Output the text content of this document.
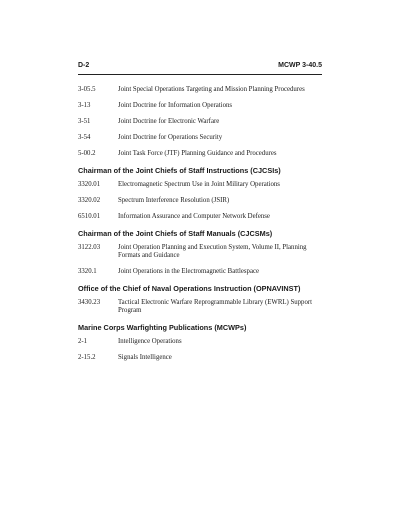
D-2	MCWP 3-40.5
3-05.5	Joint Special Operations Targeting and Mission Planning Procedures
3-13	Joint Doctrine for Information Operations
3-51	Joint Doctrine for Electronic Warfare
3-54	Joint Doctrine for Operations Security
5-00.2	Joint Task Force (JTF) Planning Guidance and Procedures
Chairman of the Joint Chiefs of Staff Instructions (CJCSIs)
3320.01	Electromagnetic Spectrum Use in Joint Military Operations
3320.02	Spectrum Interference Resolution (JSIR)
6510.01	Information Assurance and Computer Network Defense
Chairman of the Joint Chiefs of Staff Manuals (CJCSMs)
3122.03	Joint Operation Planning and Execution System, Volume II, Planning Formats and Guidance
3320.1	Joint Operations in the Electromagnetic Battlespace
Office of the Chief of Naval Operations Instruction (OPNAVINST)
3430.23	Tactical Electronic Warfare Reprogrammable Library (EWRL) Support Program
Marine Corps Warfighting Publications (MCWPs)
2-1	Intelligence Operations
2-15.2	Signals Intelligence
